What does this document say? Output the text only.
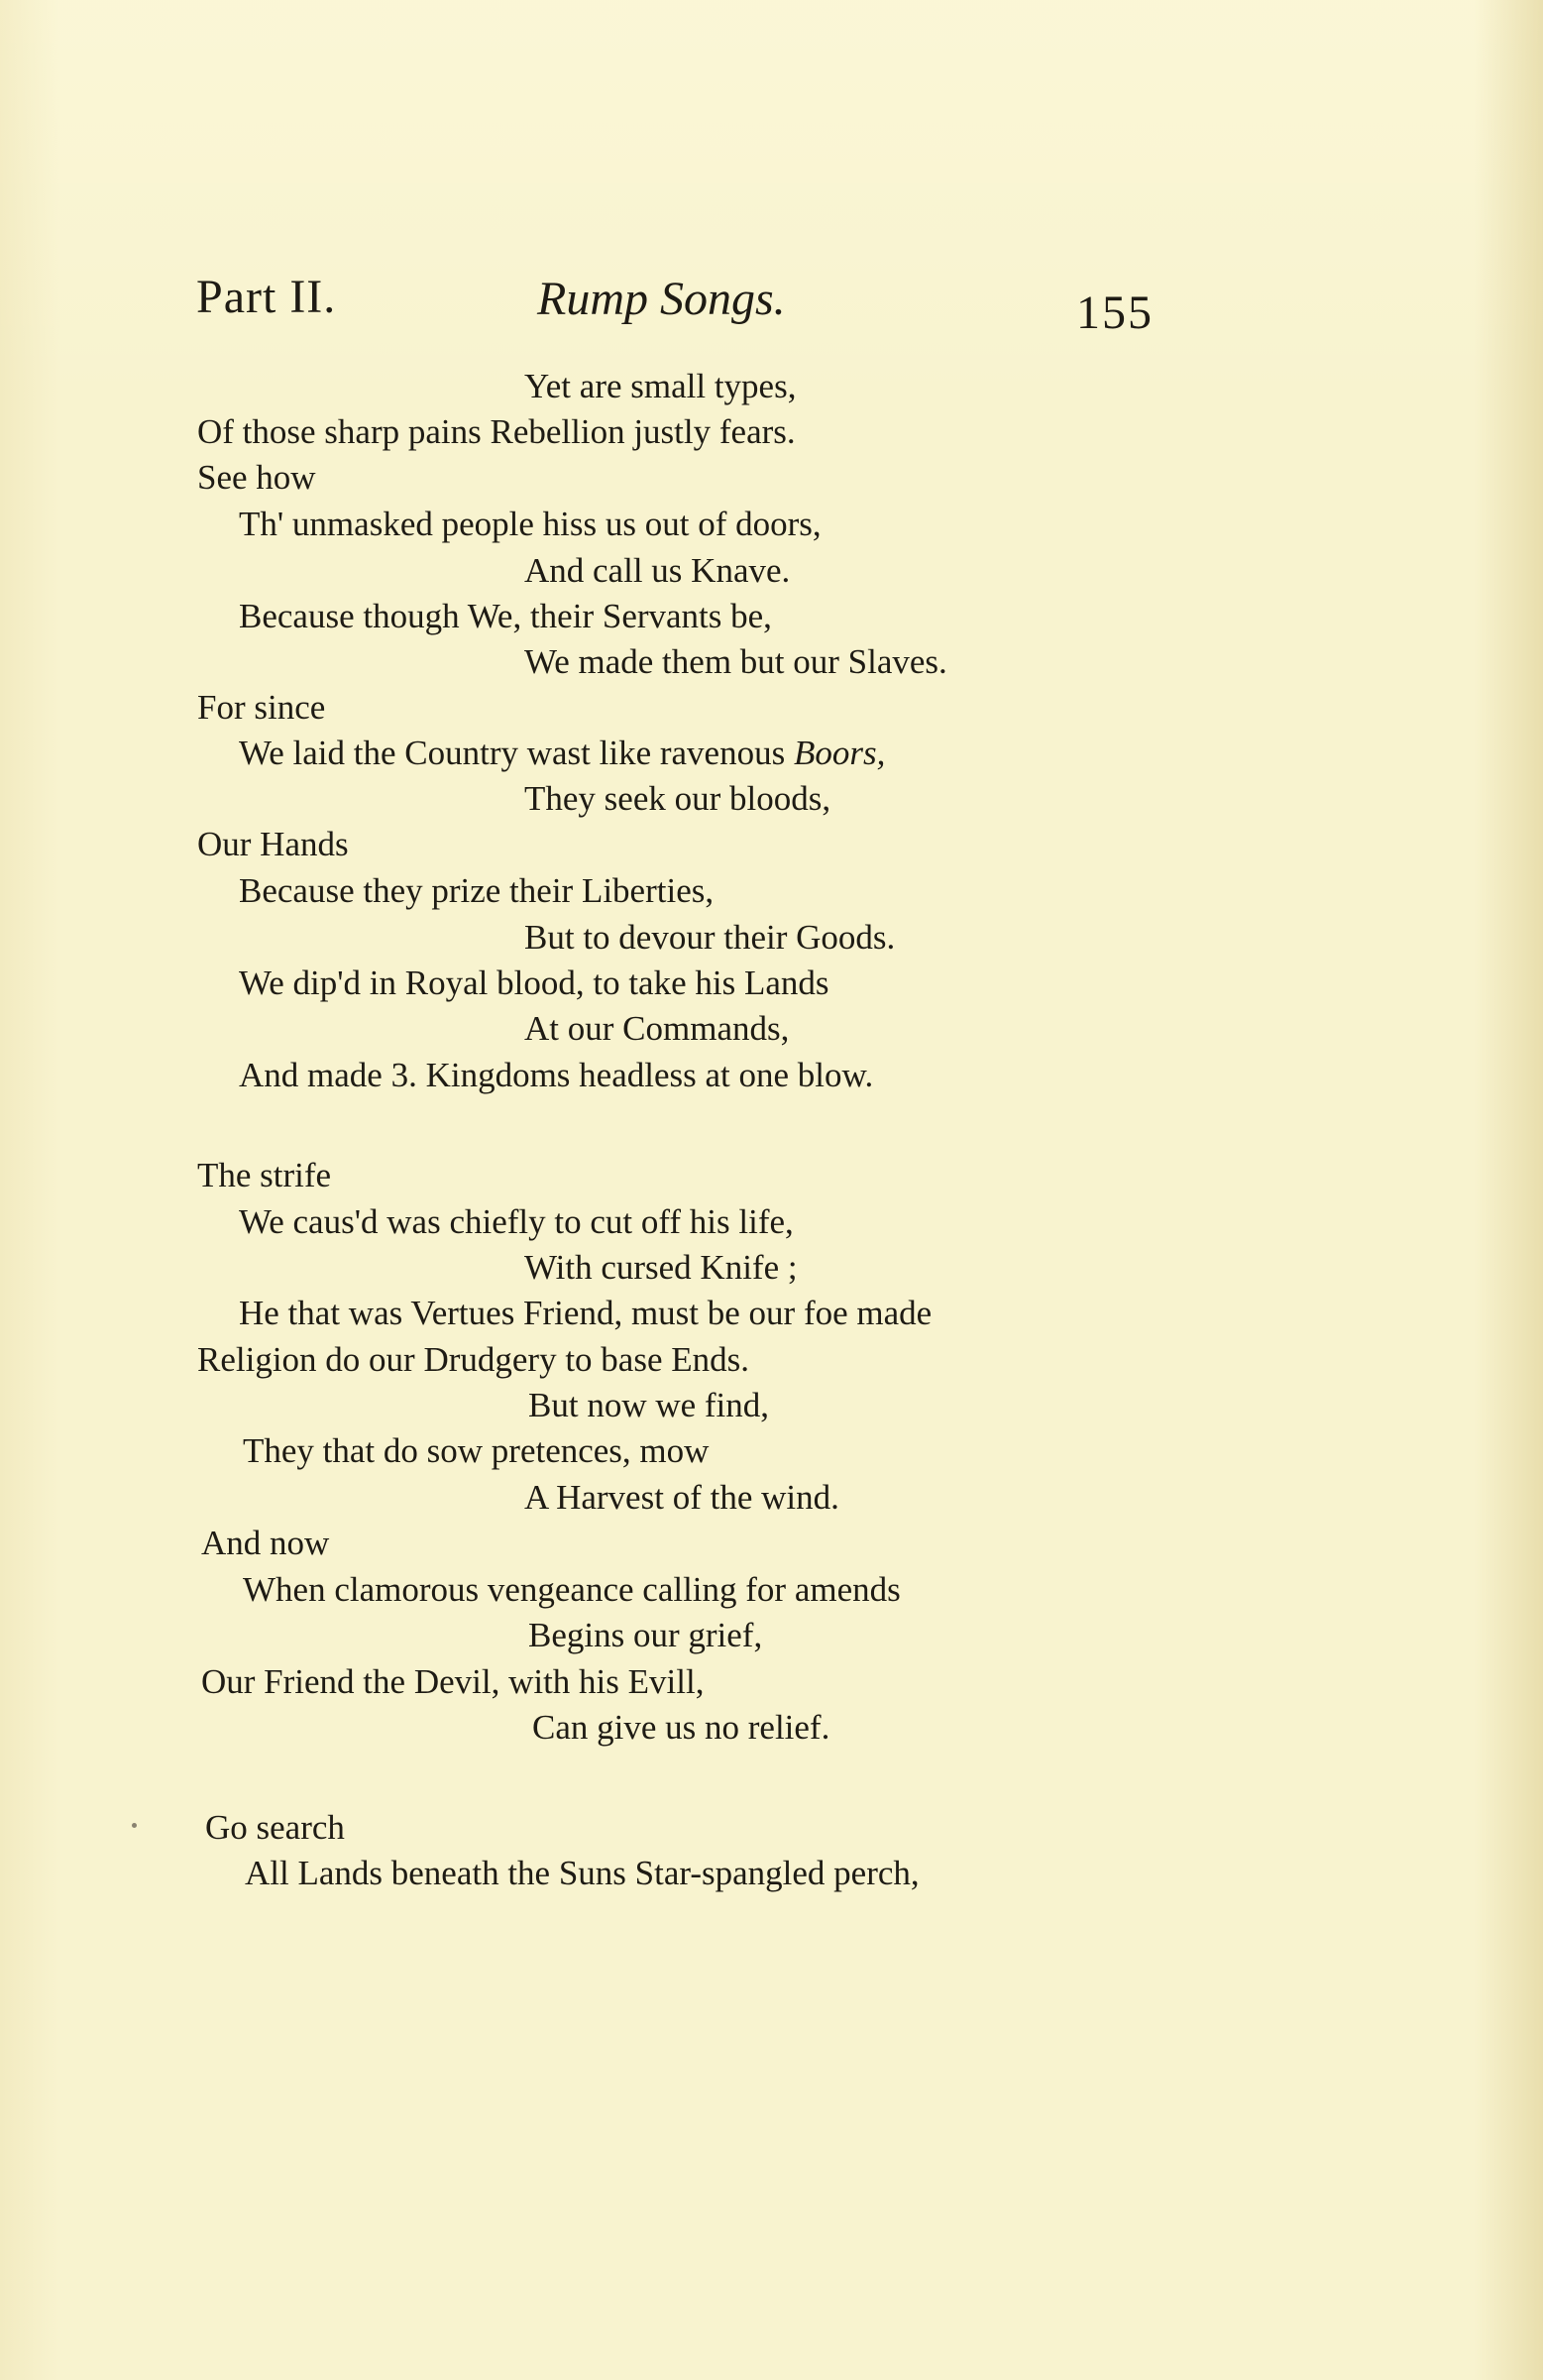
Part II.	Rump Songs.	155
Yet are small types,
Of those sharp pains Rebellion justly fears.
See how
Th' unmasked people hiss us out of doors,
And call us Knave.
Because though We, their Servants be,
We made them but our Slaves.
For since
We laid the Country wast like ravenous Boors,
They seek our bloods,
Our Hands
Because they prize their Liberties,
But to devour their Goods.
We dip'd in Royal blood, to take his Lands
At our Commands,
And made 3. Kingdoms headless at one blow.
The strife
We caus'd was chiefly to cut off his life,
With cursed Knife ;
He that was Vertues Friend, must be our foe made
Religion do our Drudgery to base Ends.
But now we find,
They that do sow pretences, mow
A Harvest of the wind.
And now
When clamorous vengeance calling for amends
Begins our grief,
Our Friend the Devil, with his Evill,
Can give us no relief.
Go search
All Lands beneath the Suns Star-spangled perch,
